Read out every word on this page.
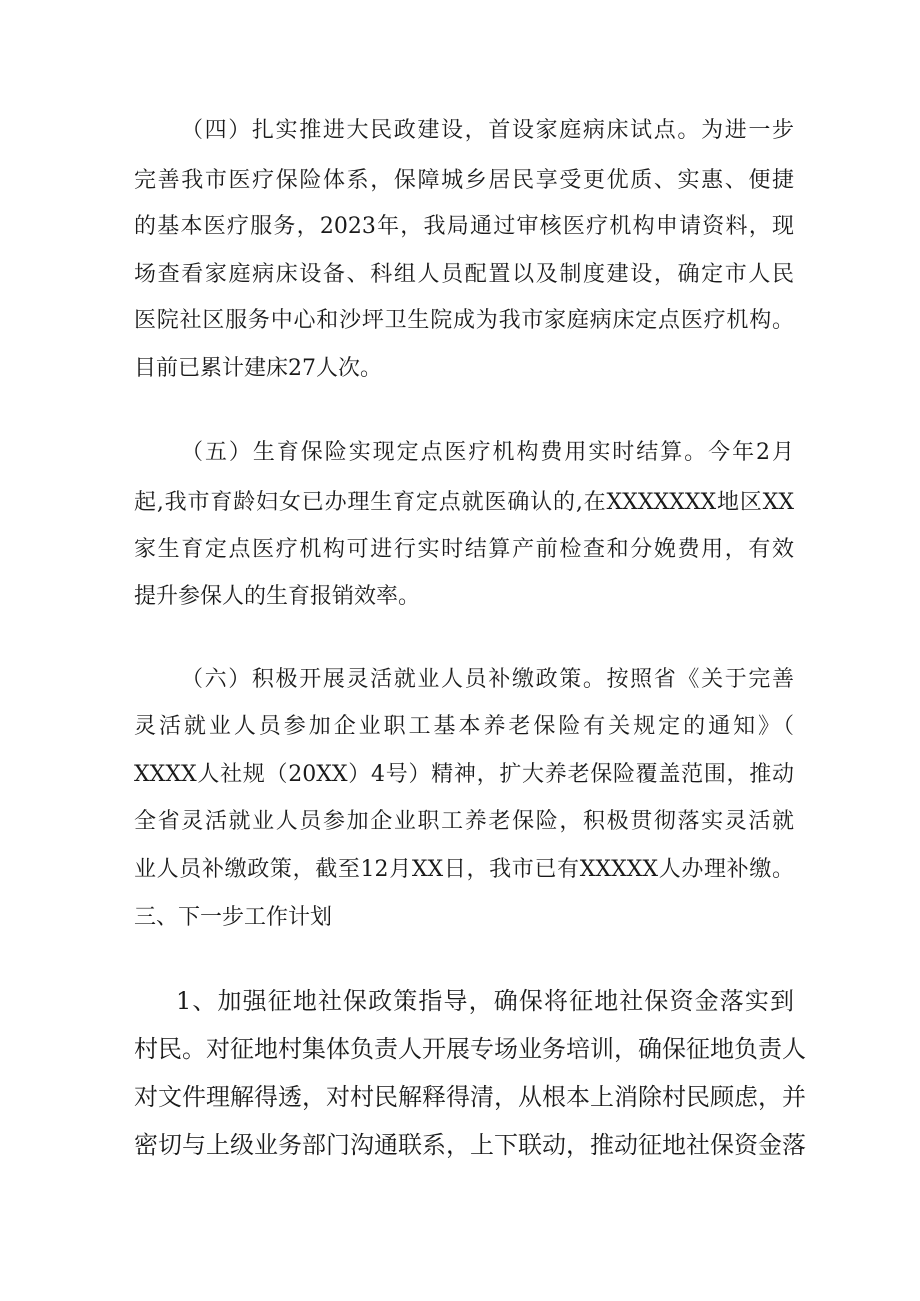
（四）扎实推进大民政建设，首设家庭病床试点。为进一步
完善我市医疗保险体系，保障城乡居民享受更优质、实惠、便捷
的基本医疗服务，2023年，我局通过审核医疗机构申请资料，现
场查看家庭病床设备、科组人员配置以及制度建设，确定市人民
医院社区服务中心和沙坪卫生院成为我市家庭病床定点医疗机构。
目前已累计建床27人次。
（五）生育保险实现定点医疗机构费用实时结算。今年2月
起,我市育龄妇女已办理生育定点就医确认的,在XXXXXXX地区XX
家生育定点医疗机构可进行实时结算产前检查和分娩费用，有效
提升参保人的生育报销效率。
（六）积极开展灵活就业人员补缴政策。按照省《关于完善
灵活就业人员参加企业职工基本养老保险有关规定的通知》（
XXXX人社规（20XX）4号）精神，扩大养老保险覆盖范围，推动
全省灵活就业人员参加企业职工养老保险，积极贯彻落实灵活就
业人员补缴政策，截至12月XX日，我市已有XXXXX人办理补缴。
三、下一步工作计划
1、加强征地社保政策指导，确保将征地社保资金落实到
村民。对征地村集体负责人开展专场业务培训，确保征地负责人
对文件理解得透，对村民解释得清，从根本上消除村民顾虑，并
密切与上级业务部门沟通联系，上下联动，推动征地社保资金落
